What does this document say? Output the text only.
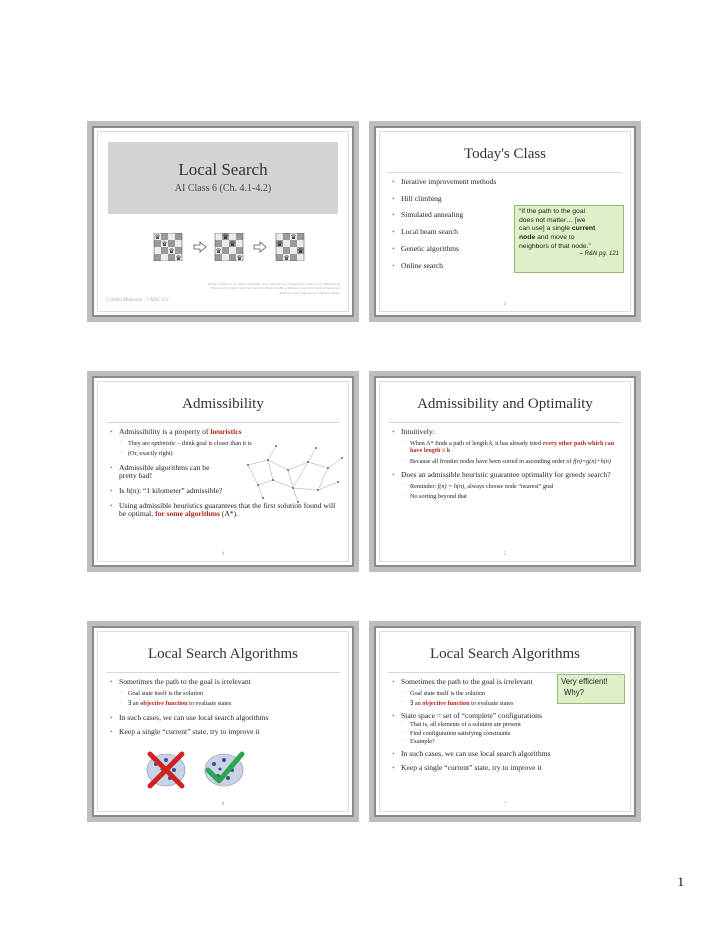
Local Search
AI Class 6 (Ch. 4.1-4.2)
♛
♛
♛
♛
♛
♛
♛
♛
♛
♛
♛
♛
Based on slides by Dr. Marie desJardin. Some material also adapted from slides by Dr. Matuszek @ Villanova University, which are based on Hwee Tou Ng at Berkeley, which are based on Russell at Berkeley. Some diagrams are based on AIMA.
Cynthia Matuszek – CMSC 671
Today's Class
• Iterative improvement methods
• Hill climbing
• Simulated annealing
• Local beam search
• Genetic algorithms
• Online search
“If the path to the goal
does not matter… [we
can use] a single current
node and move to
neighbors of that node.”
– R&N pg. 121
2
Admissibility
• Admissibility is a property of heuristics
◦ They are optimistic – think goal is closer than it is
◦ (Or, exactly right)
• Admissible algorithms can be pretty bad!
• Is h(n): “1 kilometer” admissible?
• Using admissible heuristics guarantees that the first solution found will be optimal, for some algorithms (A*).
4
Admissibility and Optimality
• Intuitively:
◦ When A* finds a path of length k, it has already tried every other path which can have length ≤ k
◦ Because all frontier nodes have been sorted in ascending order of f(n)=g(n)+h(n)
• Does an admissible heuristic guarantee optimality for greedy search?
◦ Reminder: f(n) = h(n), always choose node “nearest” goal
◦ No sorting beyond that
5
Local Search Algorithms
• Sometimes the path to the goal is irrelevant
◦ Goal state itself is the solution
◦ ∃ an objective function to evaluate states
• In such cases, we can use local search algorithms
• Keep a single “current” state, try to improve it
6
Local Search Algorithms
• Sometimes the path to the goal is irrelevant
◦ Goal state itself is the solution
◦ ∃ an objective function to evaluate states
• State space = set of “complete” configurations
◦ That is, all elements of a solution are present
◦ Find configuration satisfying constraints
◦ Example?
• In such cases, we can use local search algorithms
• Keep a single “current” state, try to improve it
Very efficient!
Why?
7
1
